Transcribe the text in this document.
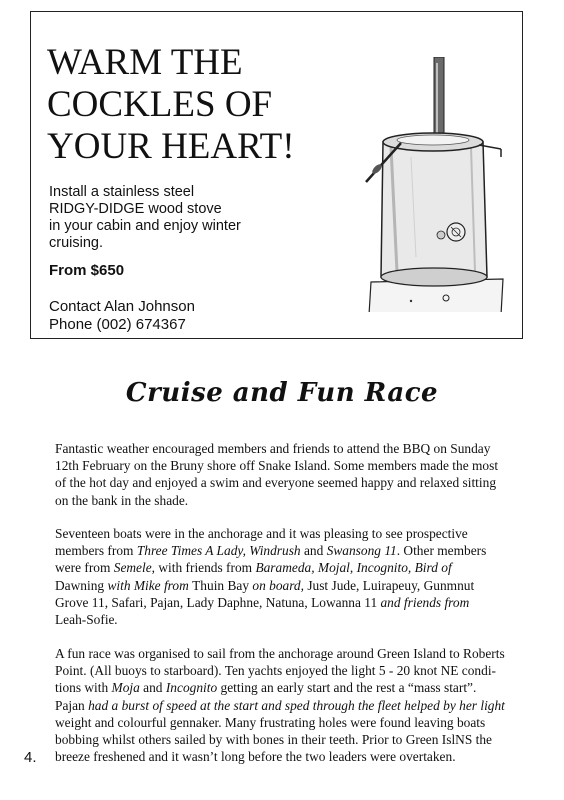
WARM THE
COCKLES OF
YOUR HEART!
Install a stainless steel
RIDGY-DIDGE wood stove
in your cabin and enjoy winter
cruising.
From $650
Contact Alan Johnson
Phone (002) 674367
Cruise and Fun Race

Fantastic weather encouraged members and friends to attend the BBQ on Sunday
12th February on the Bruny shore off Snake Island. Some members made the most
of the hot day and enjoyed a swim and everyone seemed happy and relaxed sitting
on the bank in the shade.

Seventeen boats were in the anchorage and it was pleasing to see prospective
members from Three Times A Lady, Windrush and Swansong 11. Other members
were from Semele, with friends from Barameda, Mojal, Incognito, Bird of
Dawning with Mike from Thuin Bay on board, Just Jude, Luirapeuy, Gunmnut
Grove 11, Safari, Pajan, Lady Daphne, Natuna, Lowanna 11 and friends from
Leah-Sofie.

A fun race was organised to sail from the anchorage around Green Island to Roberts
Point. (All buoys to starboard). Ten yachts enjoyed the light 5 - 20 knot NE condi-
tions with Moja and Incognito getting an early start and the rest a “mass start”.
Pajan had a burst of speed at the start and sped through the fleet helped by her light
weight and colourful gennaker. Many frustrating holes were found leaving boats
bobbing whilst others sailed by with bones in their teeth. Prior to Green IslNS the
breeze freshened and it wasn’t long before the two leaders were overtaken.

4.
